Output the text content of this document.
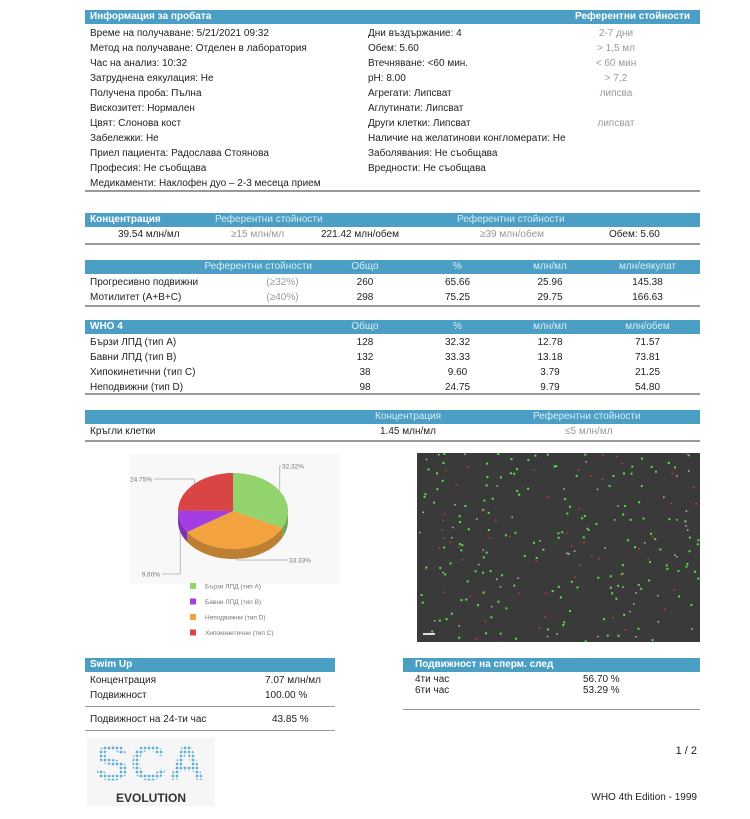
Информация за пробата	Референтни стойности
Време на получаване: 5/21/2021 09:32	Дни въздържание: 4	2-7 дни
Метод на получаване: Отделен в лаборатория	Обем: 5.60	> 1,5 мл
Час на анализ: 10:32	Втечняване: <60 мин.	< 60 мин
Затруднена еякулация: Не	pH: 8.00	> 7,2
Получена проба: Пълна	Агрегати: Липсват	липсва
Вискозитет: Нормален	Аглутинати: Липсват
Цвят: Слонова кост	Други клетки: Липсват	липсват
Забележки: Не	Наличие на желатинови конгломерати: Не
Приел пациента: Радослава Стоянова	Заболявания: Не съобщава
Професия: Не съобщава	Вредности: Не съобщава
Медикаменти: Наклофен дуо – 2-3 месеца прием
Концентрация	Референтни стойности	Референтни стойности
39.54 млн/мл	≥15 млн/мл	221.42 млн/обем	≥39 млн/обем	Обем: 5.60
Референтни стойности	Общо	%	млн/мл	млн/еякулат
Прогресивно подвижни	(≥32%)	260	65.66	25.96	145.38
Мотилитет (A+B+C)	(≥40%)	298	75.25	29.75	166.63
WHO 4	Общо	%	млн/мл	млн/обем
Бързи ЛПД (тип A)	128	32.32	12.78	71.57
Бавни ЛПД (тип B)	132	33.33	13.18	73.81
Хипокинетични (тип C)	38	9.60	3.79	21.25
Неподвижни (тип D)	98	24.75	9.79	54.80
Концентрация	Референтни стойности
Кръгли клетки	1.45 млн/мл	≤5 млн/мл
32.32%
33.33%
9.60%
24.75%
Бързи ЛПД (тип A)
Бавни ЛПД (тип B)
Неподвижни (тип D)
Хипокинетични (тип C)
Swim Up
Концентрация	7.07 млн/мл
Подвижност	100.00 %
Подвижност на 24-ти час	43.85 %
Подвижност на сперм. след
4ти час	56.70 %
6ти час	53.29 %
SCA
EVOLUTION
1 / 2
WHO 4th Edition - 1999
